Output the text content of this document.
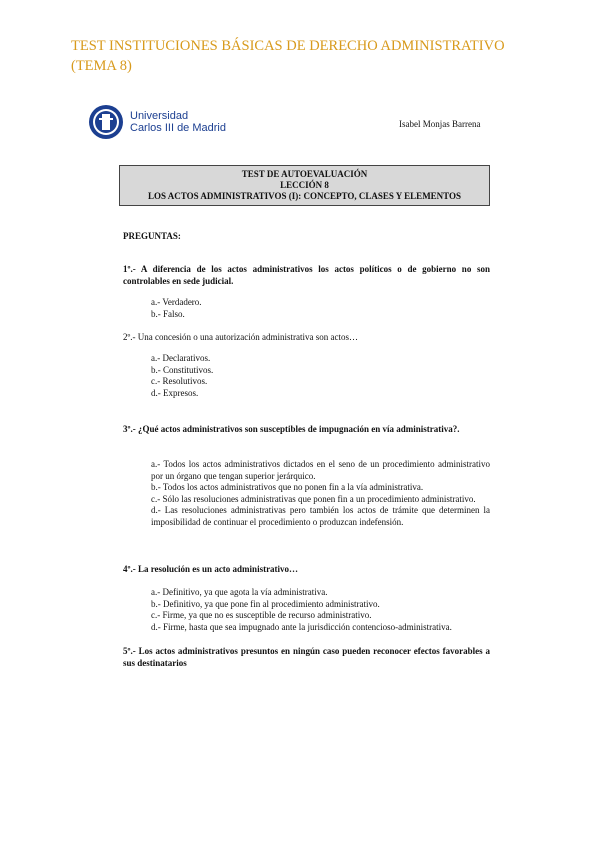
TEST INSTITUCIONES BÁSICAS DE DERECHO ADMINISTRATIVO (TEMA 8)
Universidad
Carlos III de Madrid	Isabel Monjas Barrena
TEST DE AUTOEVALUACIÓN
LECCIÓN 8
LOS ACTOS ADMINISTRATIVOS (I): CONCEPTO, CLASES Y ELEMENTOS
PREGUNTAS:

1º.- A diferencia de los actos administrativos los actos políticos o de gobierno no son controlables en sede judicial.

a.- Verdadero.
b.- Falso.

2º.- Una concesión o una autorización administrativa son actos…

a.- Declarativos.
b.- Constitutivos.
c.- Resolutivos.
d.- Expresos.

3º.- ¿Qué actos administrativos son susceptibles de impugnación en vía administrativa?.

a.- Todos los actos administrativos dictados en el seno de un procedimiento administrativo por un órgano que tengan superior jerárquico.
b.- Todos los actos administrativos que no ponen fin a la vía administrativa.
c.- Sólo las resoluciones administrativas que ponen fin a un procedimiento administrativo.
d.- Las resoluciones administrativas pero también los actos de trámite que determinen la imposibilidad de continuar el procedimiento o produzcan indefensión.

4º.- La resolución es un acto administrativo…

a.- Definitivo, ya que agota la vía administrativa.
b.- Definitivo, ya que pone fin al procedimiento administrativo.
c.- Firme, ya que no es susceptible de recurso administrativo.
d.- Firme, hasta que sea impugnado ante la jurisdicción contencioso-administrativa.

5º.- Los actos administrativos presuntos en ningún caso pueden reconocer efectos favorables a sus destinatarios
